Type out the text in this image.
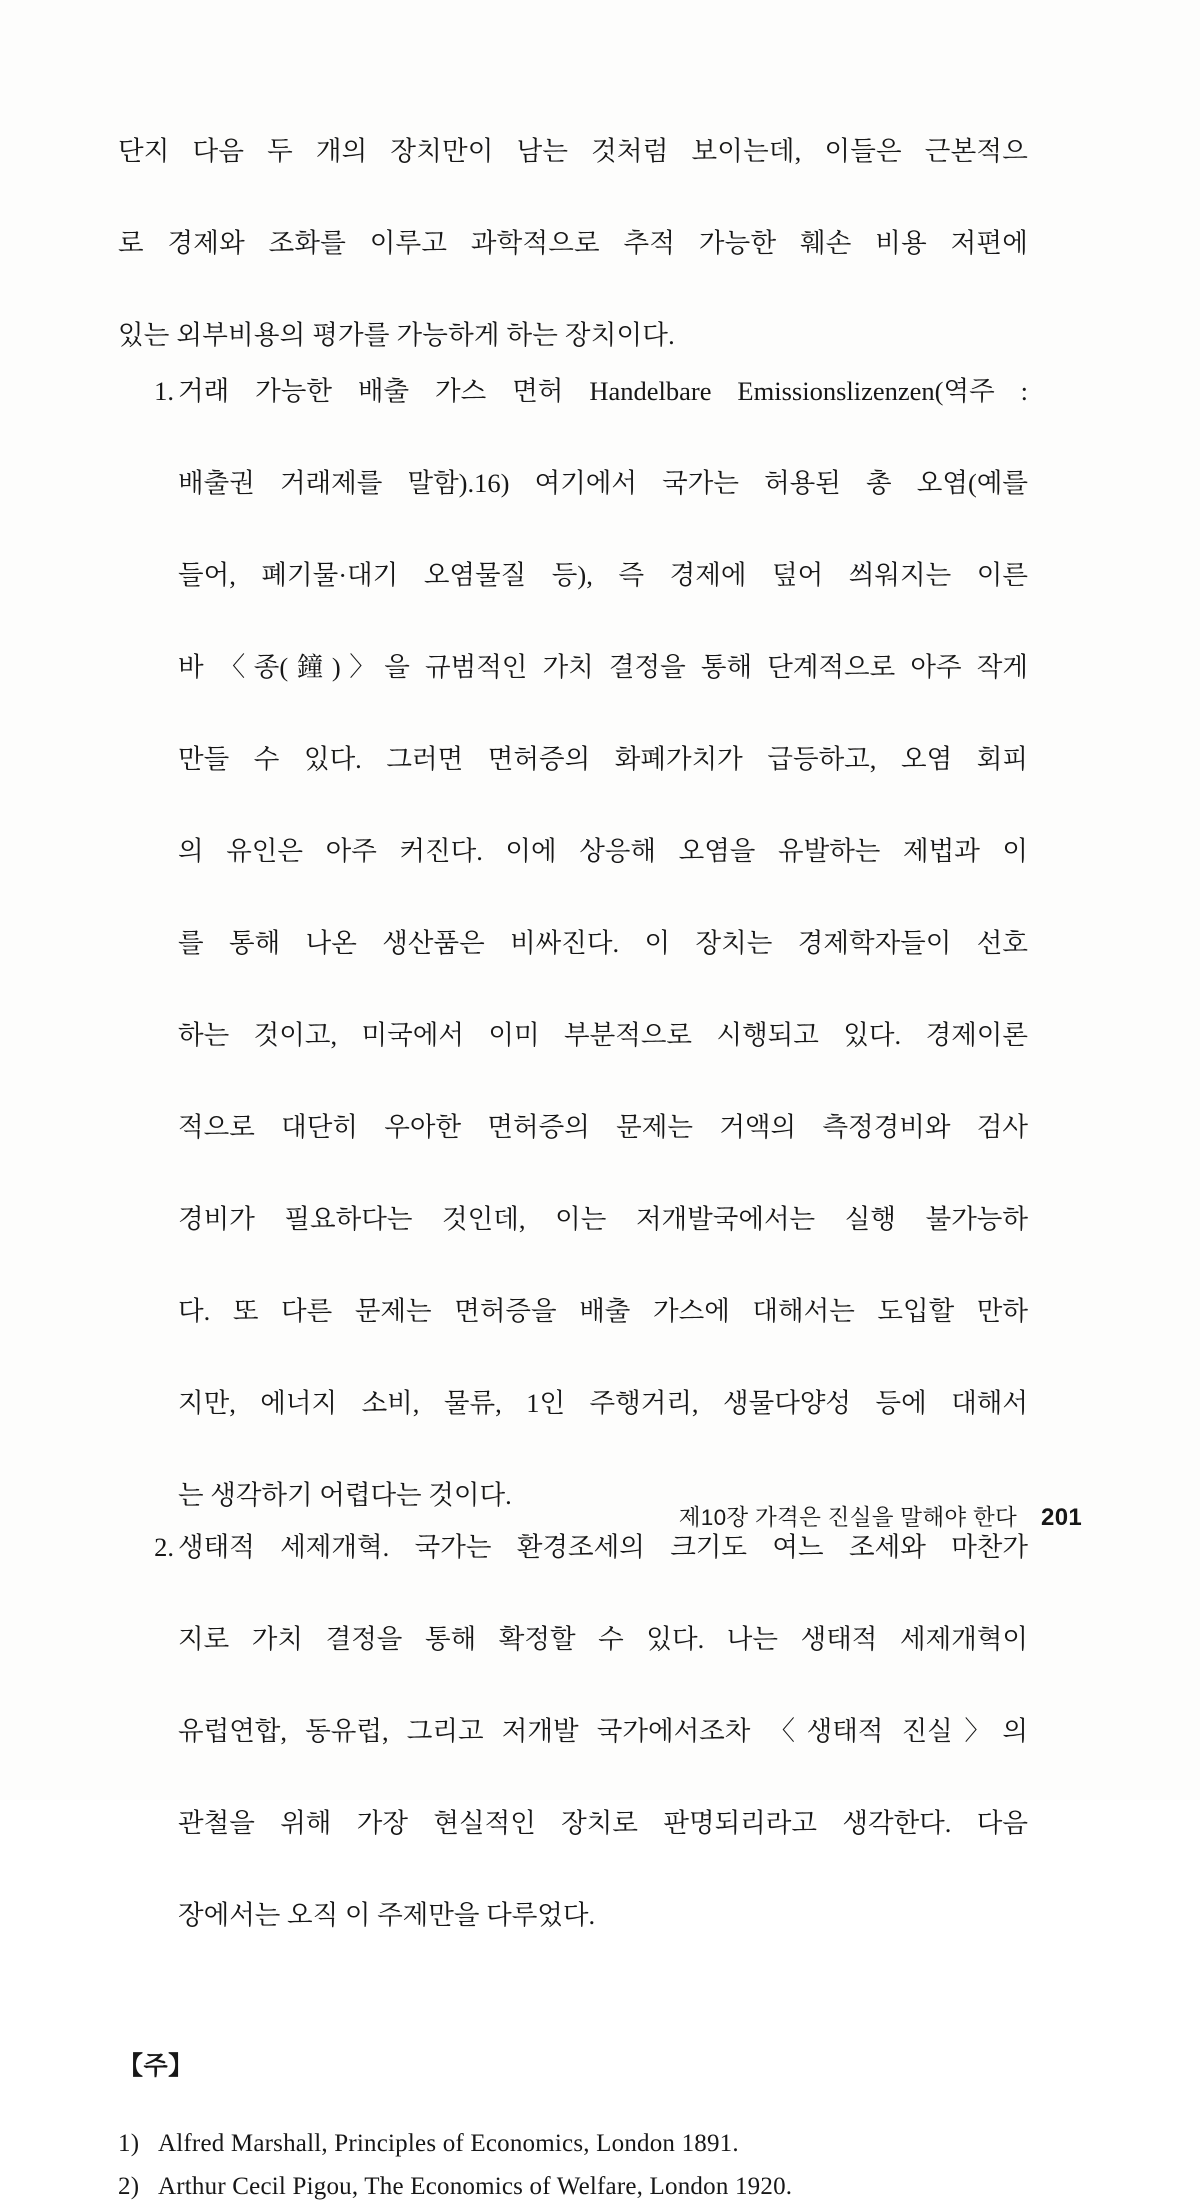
단지 다음 두 개의 장치만이 남는 것처럼 보이는데, 이들은 근본적으
로 경제와 조화를 이루고 과학적으로 추적 가능한 훼손 비용 저편에
있는 외부비용의 평가를 가능하게 하는 장치이다.

1. 거래 가능한 배출 가스 면허 Handelbare Emissionslizenzen(역주 :
배출권 거래제를 말함).16) 여기에서 국가는 허용된 총 오염(예를
들어, 폐기물·대기 오염물질 등), 즉 경제에 덮어 씌워지는 이른
바 〈종(鐘)〉을 규범적인 가치 결정을 통해 단계적으로 아주 작게
만들 수 있다. 그러면 면허증의 화폐가치가 급등하고, 오염 회피
의 유인은 아주 커진다. 이에 상응해 오염을 유발하는 제법과 이
를 통해 나온 생산품은 비싸진다. 이 장치는 경제학자들이 선호
하는 것이고, 미국에서 이미 부분적으로 시행되고 있다. 경제이론
적으로 대단히 우아한 면허증의 문제는 거액의 측정경비와 검사
경비가 필요하다는 것인데, 이는 저개발국에서는 실행 불가능하
다. 또 다른 문제는 면허증을 배출 가스에 대해서는 도입할 만하
지만, 에너지 소비, 물류, 1인 주행거리, 생물다양성 등에 대해서
는 생각하기 어렵다는 것이다.
2. 생태적 세제개혁. 국가는 환경조세의 크기도 여느 조세와 마찬가
지로 가치 결정을 통해 확정할 수 있다. 나는 생태적 세제개혁이
유럽연합, 동유럽, 그리고 저개발 국가에서조차 〈생태적 진실〉의
관철을 위해 가장 현실적인 장치로 판명되리라고 생각한다. 다음
장에서는 오직 이 주제만을 다루었다.
【주】
1) Alfred Marshall, Principles of Economics, London 1891.
2) Arthur Cecil Pigou, The Economics of Welfare, London 1920.
제10장 가격은 진실을 말해야 한다 201
